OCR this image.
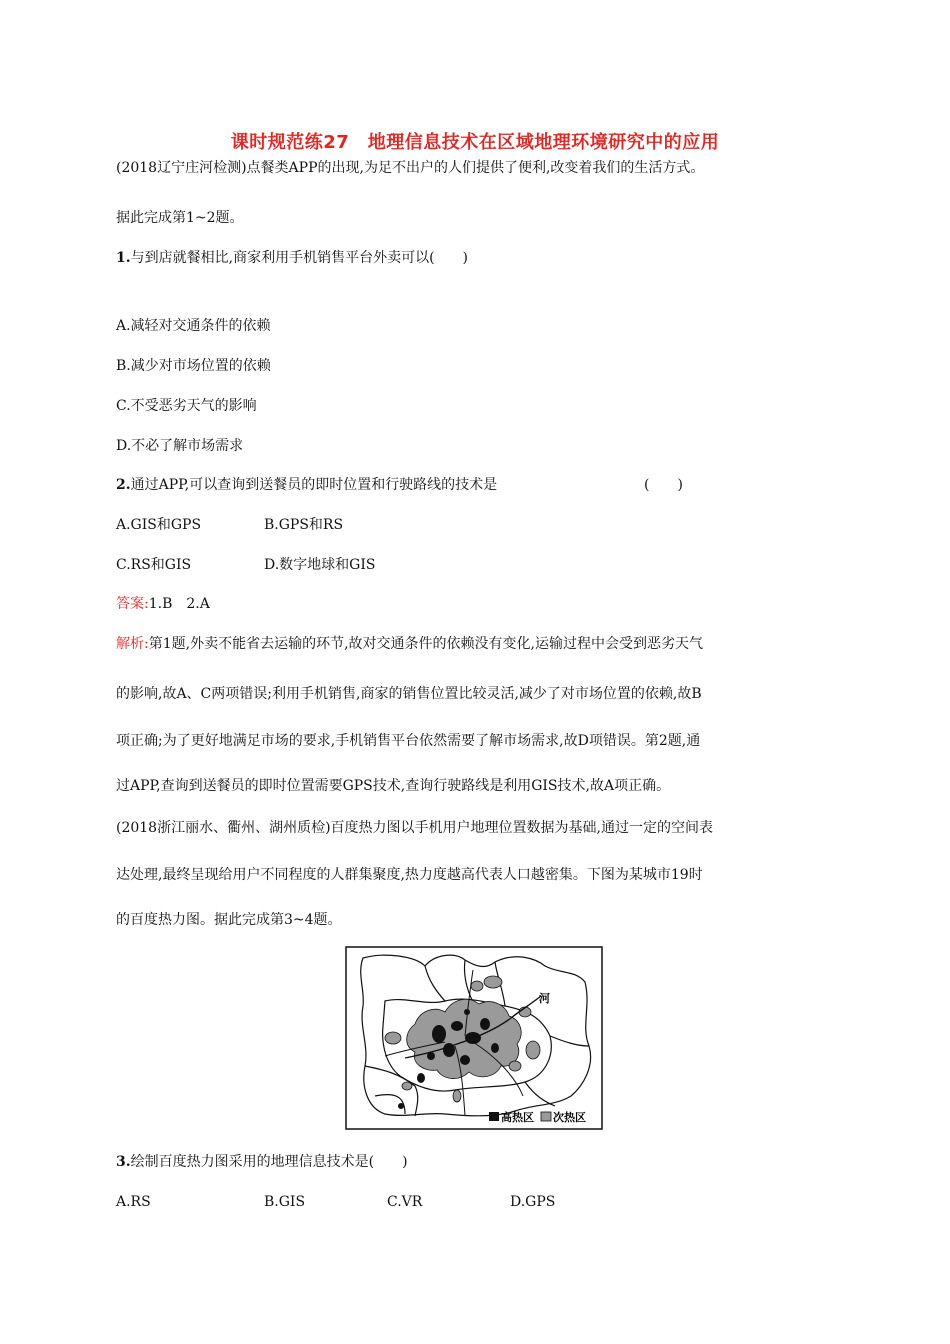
课时规范练27　地理信息技术在区域地理环境研究中的应用
(2018辽宁庄河检测)点餐类APP的出现,为足不出户的人们提供了便利,改变着我们的生活方式。
据此完成第1~2题。
1.与到店就餐相比,商家利用手机销售平台外卖可以(　　)
A.减轻对交通条件的依赖
B.减少对市场位置的依赖
C.不受恶劣天气的影响
D.不必了解市场需求
2.通过APP,可以查询到送餐员的即时位置和行驶路线的技术是	(　　)
A.GIS和GPS	B.GPS和RS
C.RS和GIS	D.数字地球和GIS
答案:1.B　2.A
解析:第1题,外卖不能省去运输的环节,故对交通条件的依赖没有变化,运输过程中会受到恶劣天气
的影响,故A、C两项错误;利用手机销售,商家的销售位置比较灵活,减少了对市场位置的依赖,故B
项正确;为了更好地满足市场的要求,手机销售平台依然需要了解市场需求,故D项错误。第2题,通
过APP,查询到送餐员的即时位置需要GPS技术,查询行驶路线是利用GIS技术,故A项正确。
(2018浙江丽水、衢州、湖州质检)百度热力图以手机用户地理位置数据为基础,通过一定的空间表
达处理,最终呈现给用户不同程度的人群集聚度,热力度越高代表人口越密集。下图为某城市19时
的百度热力图。据此完成第3~4题。
河
高热区 次热区
3.绘制百度热力图采用的地理信息技术是(　　)
A.RS	B.GIS	C.VR	D.GPS
